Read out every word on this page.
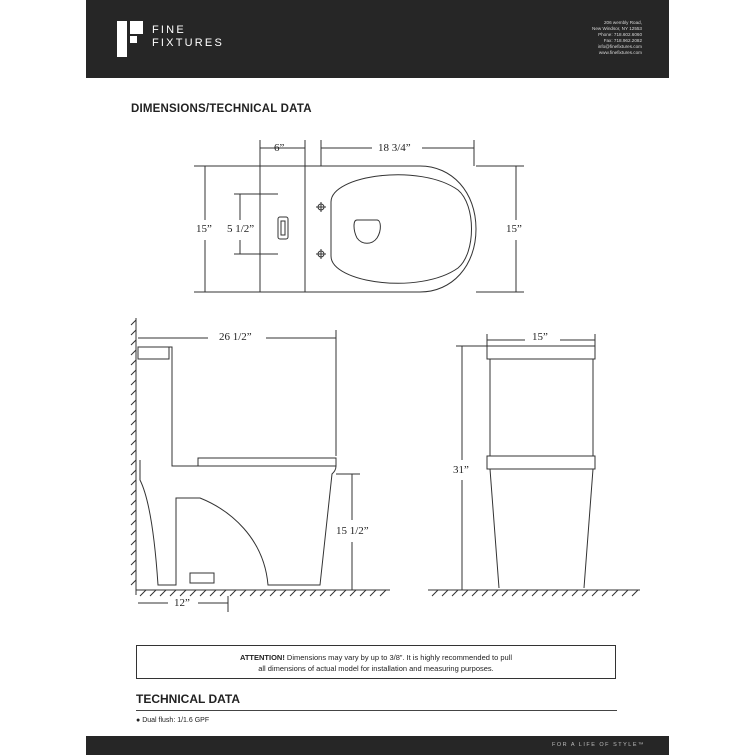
FINE
FIXTURES
206 wembly Road,
New Windsor, NY 12553
Phone: 718.602.6060
Fax: 718.962.2082
info@finefixtures.com
www.finefixtures.com
DIMENSIONS/TECHNICAL DATA
6”	18 3/4”
15” 5 1/2”	15”
26 1/2”
15 1/2”
12”
15”
31”
ATTENTION! Dimensions may vary by up to 3/8”. It is highly recommended to pull
all dimensions of actual model for installation and measuring purposes.
TECHNICAL DATA
● Dual flush: 1/1.6 GPF
FOR A LIFE OF STYLE™
